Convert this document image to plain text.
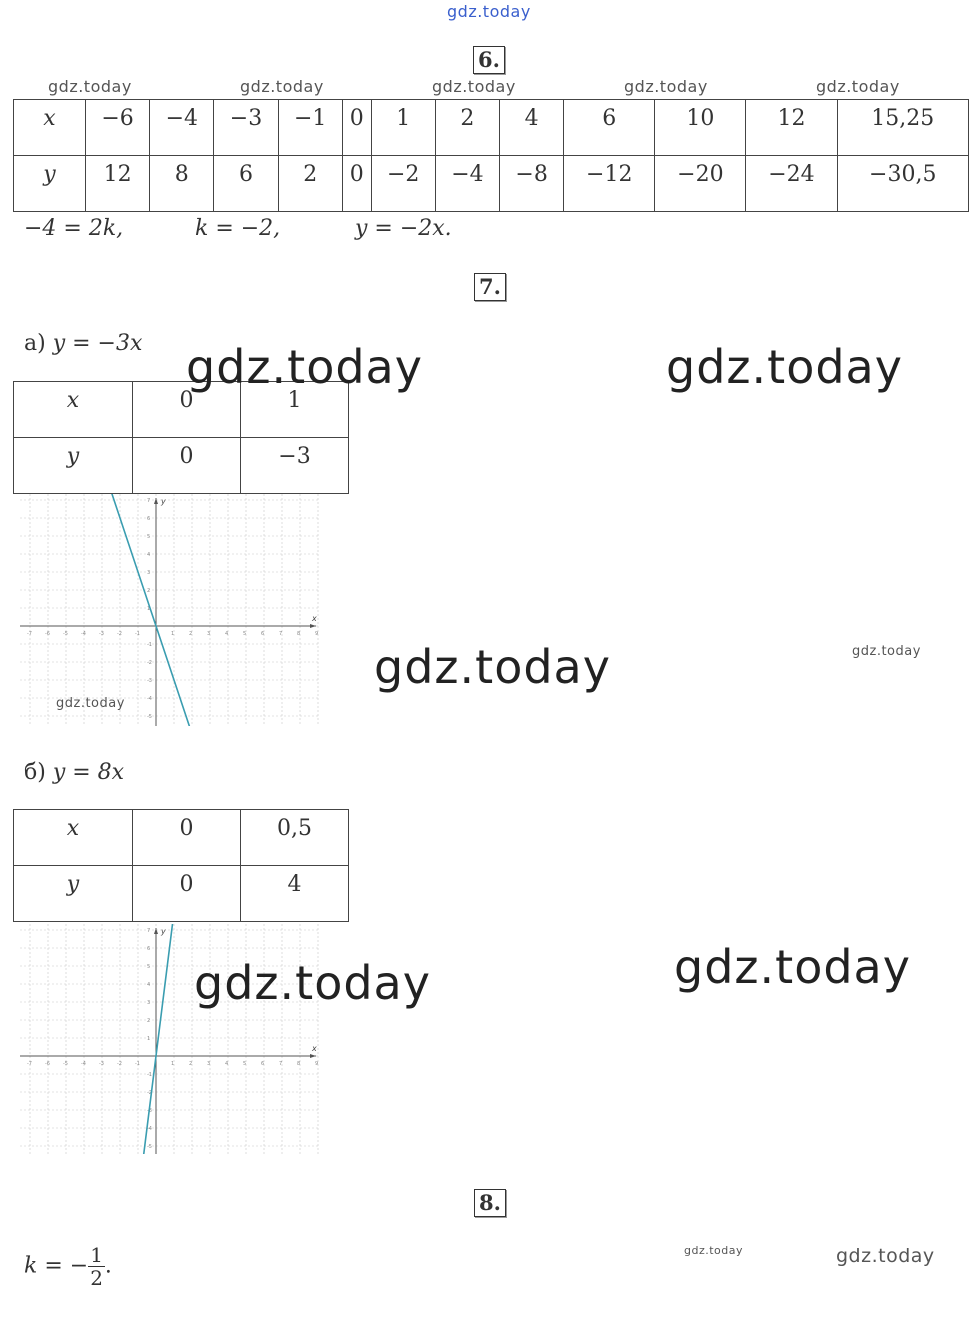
gdz.today
6.
gdz.today	gdz.today	gdz.today	gdz.today	gdz.today
x	−6	−4	−3	−1	0	1	2	4	6	10	12	15,25
y	12	8	6	2	0	−2	−4	−8	−12	−20	−24	−30,5
−4 = 2k,	k = −2,	y = −2x.
7.
а) y = −3x
x	0	1
y	0	−3
x
y
-7	-6	-5	-4	-3	-2	-1	1	2	3	4	5	6	7	8	9
-5
-4
-3
-2
-1
1
2
3
4
5
6
7
gdz.today	gdz.today
gdz.today	gdz.today
gdz.today
б) y = 8x
x	0	0,5
y	0	4
x
y
-7	-6	-5	-4	-3	-2	-1	1	2	3	4	5	6	7	8	9
-5
-4
-3
-2
-1
1
2
3
4
5
6
7
gdz.today	gdz.today
8.
k = − $\frac{1}{2}$ .
gdz.today	gdz.today
